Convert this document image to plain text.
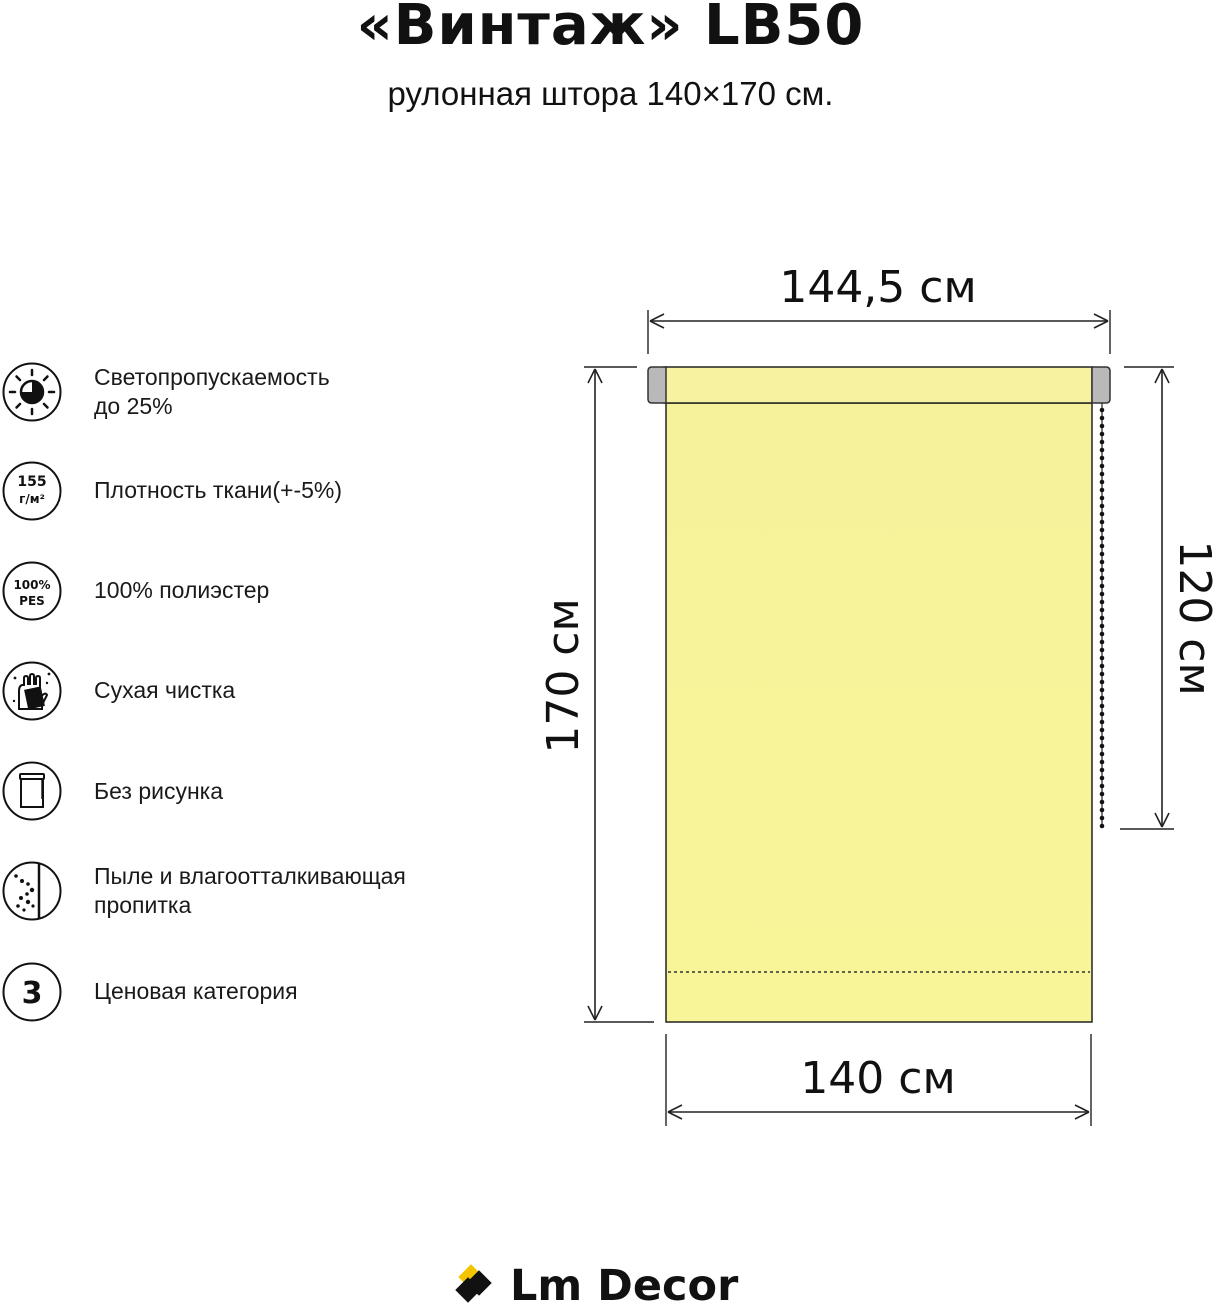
«Винтаж» LB50
рулонная штора 140×170 см.
Светопропускаемость
до 25%
155
г/м² Плотность ткани(+-5%)
100%
PES 100% полиэстер
Сухая чистка
Без рисунка
Пыле и влагоотталкивающая
пропитка
3 Ценовая категория
144,5 см
140 см
170 см	120 см
Lm Decor
